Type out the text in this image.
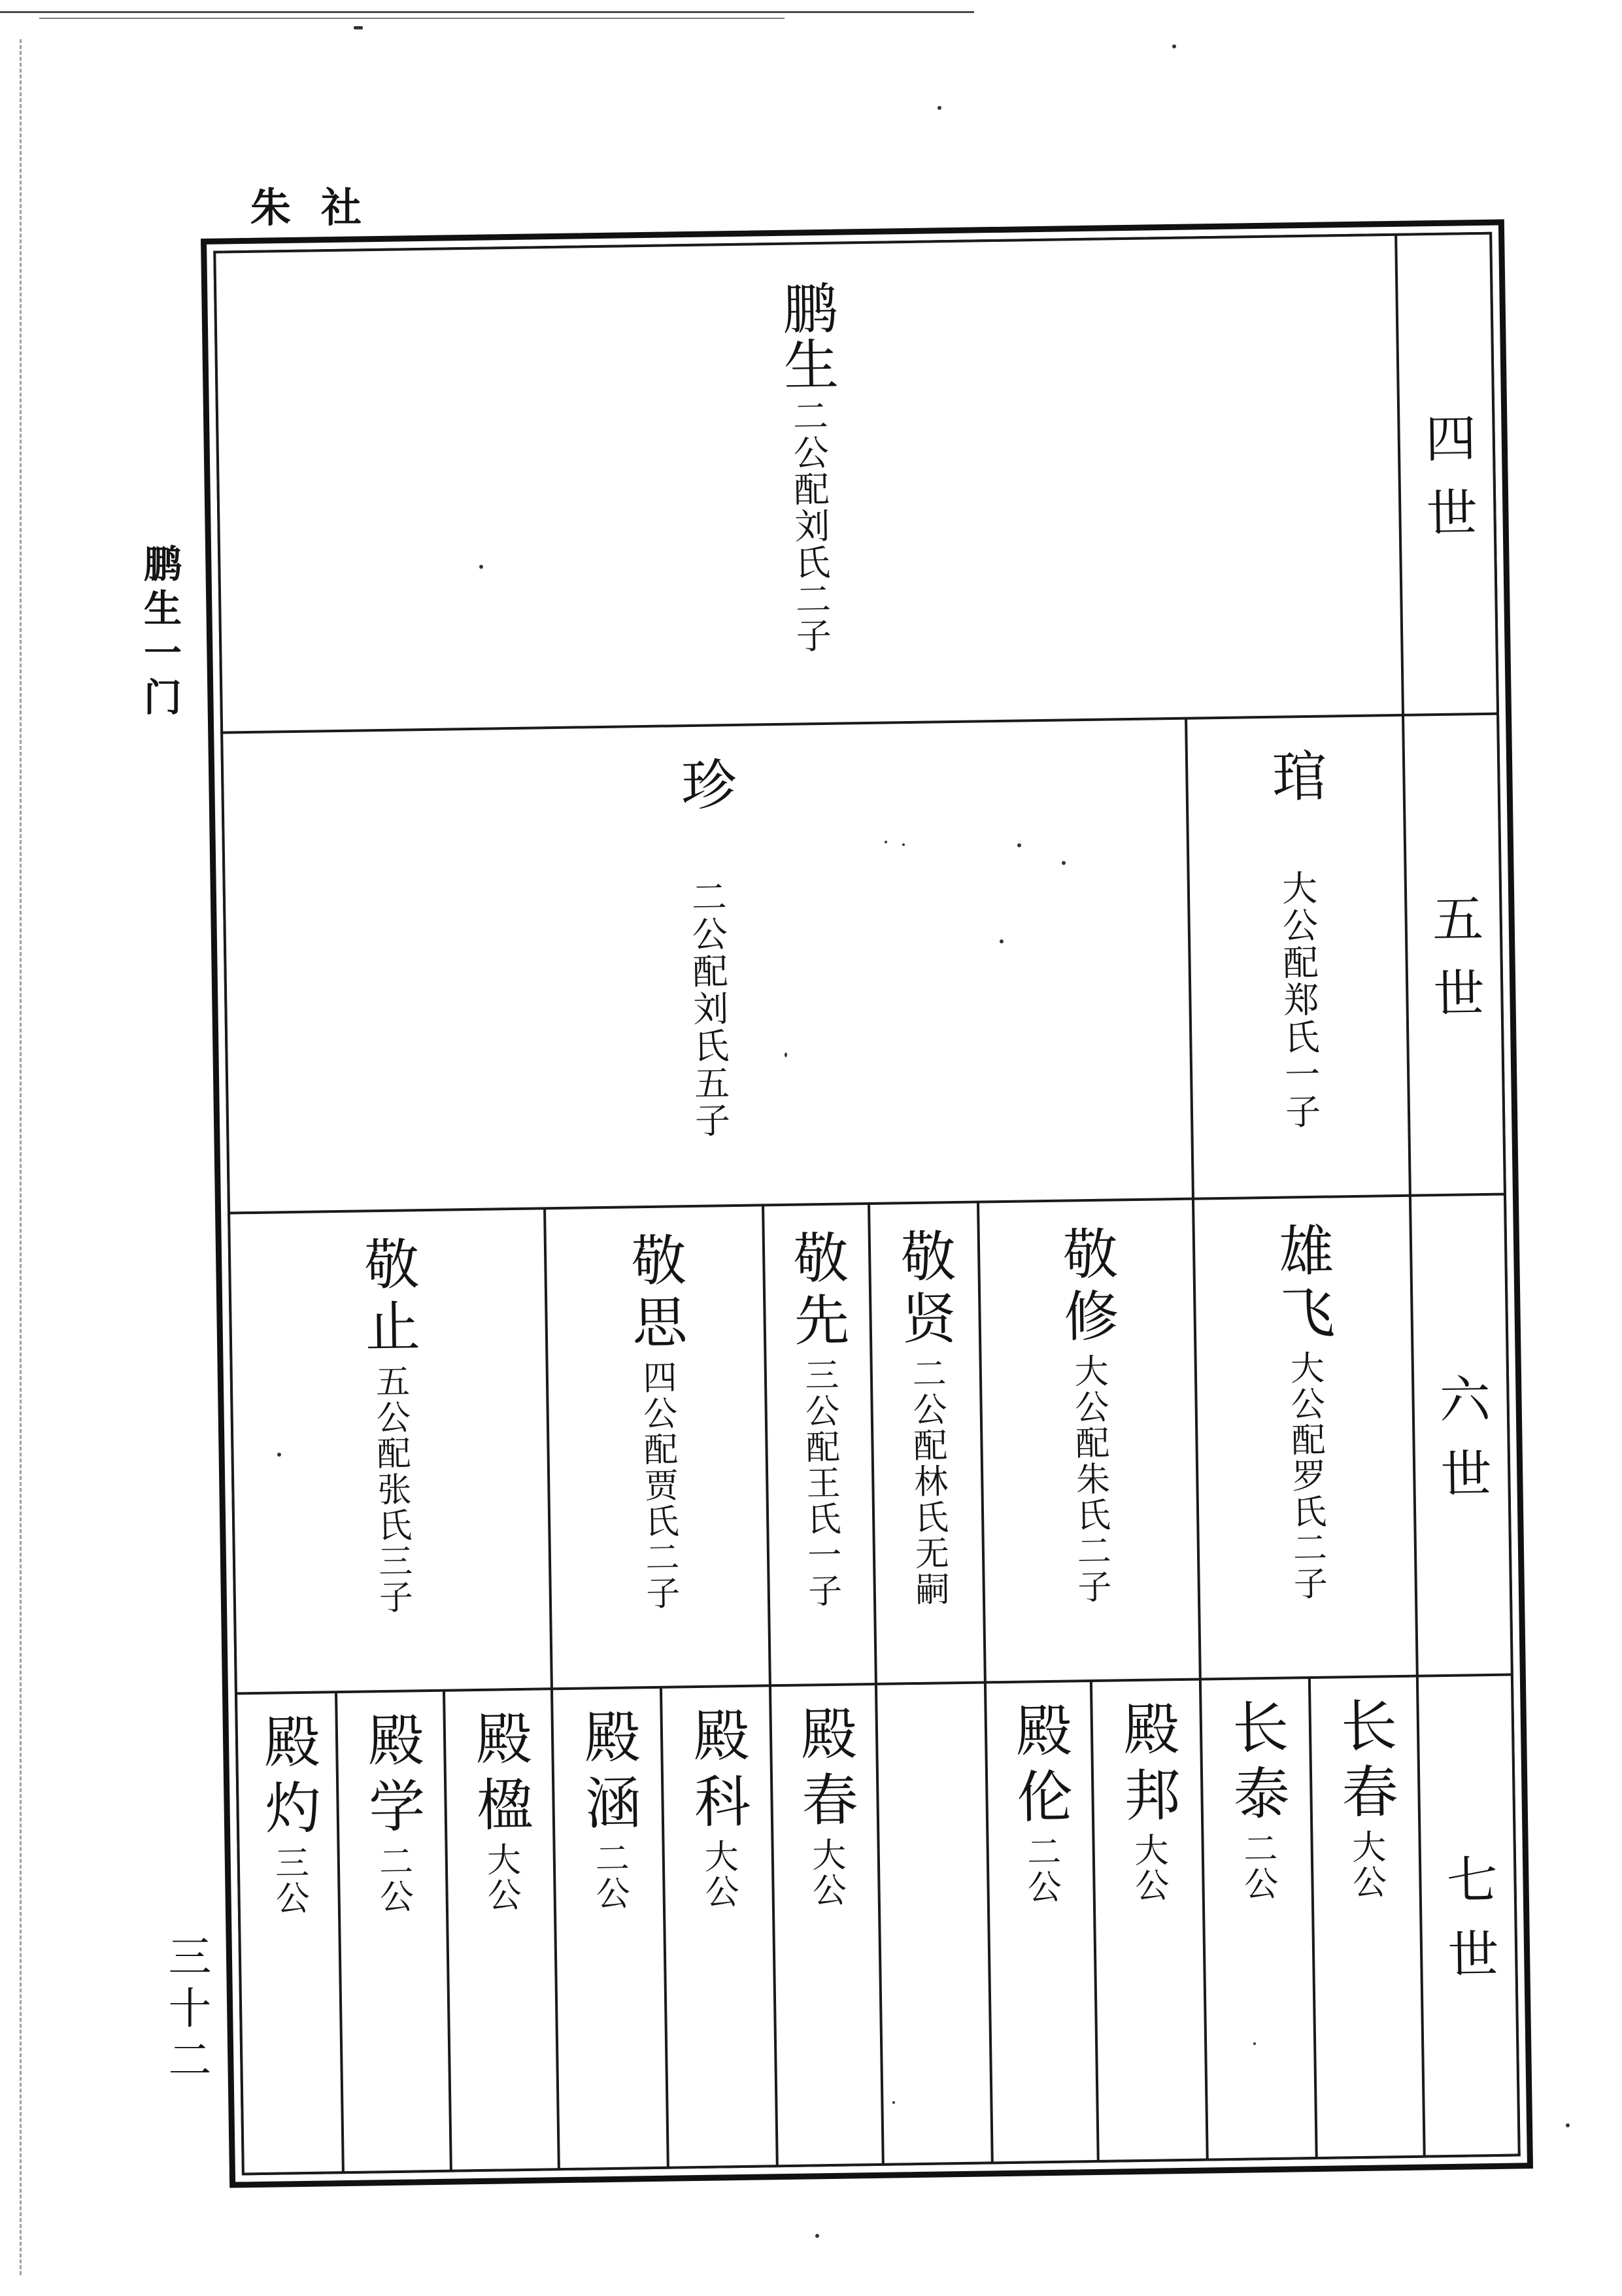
朱社
鹏生一门
三十二
鹏生
二公配刘氏二子	四世
珍
二公配刘氏五子
琯
大公配郑氏一子 五世
敬止
五公配张氏三子
敬思
四公配贾氏二子
敬先
三公配王氏一子
敬贤
二公配林氏无嗣
敬修
大公配朱氏二子
雄飞
大公配罗氏二子 六世
殿灼
三公
殿学
二公
殿楹
大公
殿涵
二公
殿科
大公
殿春
大公
殿伦
二公
殿邦
大公
长泰
二公
长春
大公 七世
